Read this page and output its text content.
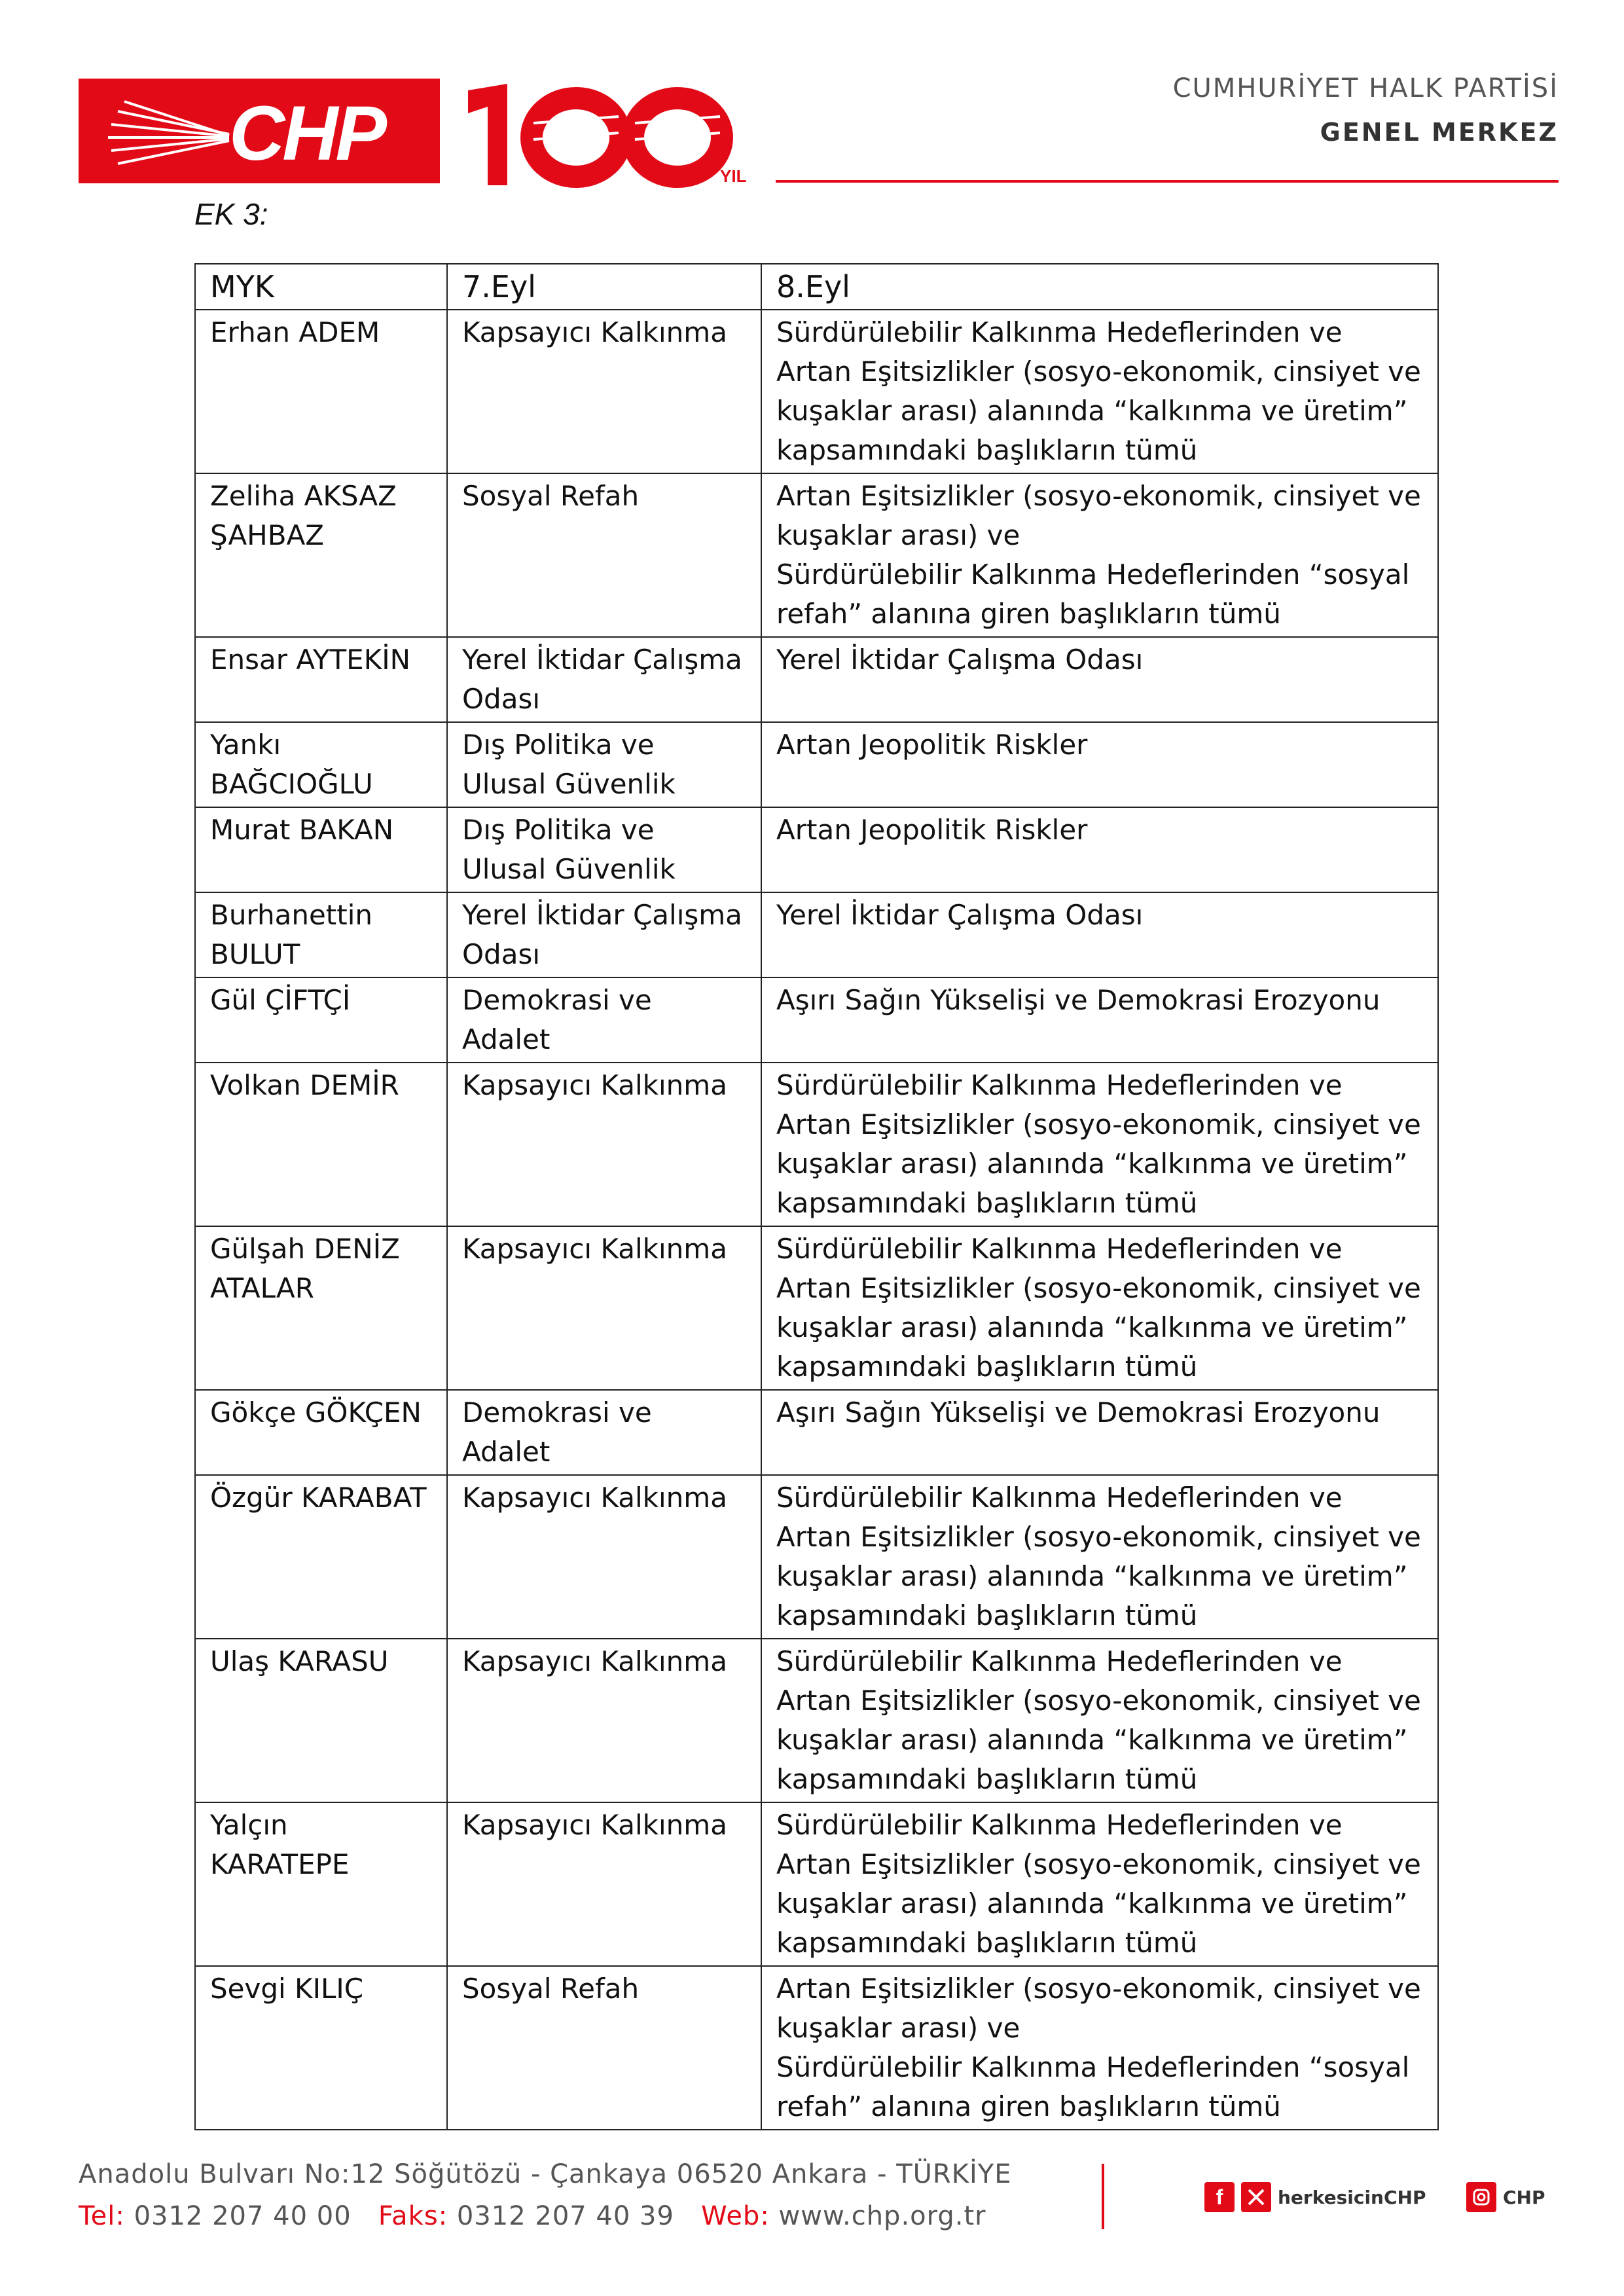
CHP	YIL
CUMHURİYET HALK PARTİSİ
GENEL MERKEZ
EK 3:
MYK	7.Eyl	8.Eyl
Erhan ADEM	Kapsayıcı Kalkınma	Sürdürülebilir Kalkınma Hedeflerinden ve
Artan Eşitsizlikler (sosyo-ekonomik, cinsiyet ve kuşaklar arası) alanında “kalkınma ve üretim” kapsamındaki başlıkların tümü
Zeliha AKSAZ ŞAHBAZ	Sosyal Refah	Artan Eşitsizlikler (sosyo-ekonomik, cinsiyet ve kuşaklar arası) ve
Sürdürülebilir Kalkınma Hedeflerinden “sosyal refah” alanına giren başlıkların tümü
Ensar AYTEKİN	Yerel İktidar Çalışma Odası	Yerel İktidar Çalışma Odası
Yankı BAĞCIOĞLU	Dış Politika ve Ulusal Güvenlik	Artan Jeopolitik Riskler
Murat BAKAN	Dış Politika ve Ulusal Güvenlik	Artan Jeopolitik Riskler
Burhanettin BULUT	Yerel İktidar Çalışma Odası	Yerel İktidar Çalışma Odası
Gül ÇİFTÇİ	Demokrasi ve Adalet	Aşırı Sağın Yükselişi ve Demokrasi Erozyonu
Volkan DEMİR	Kapsayıcı Kalkınma	Sürdürülebilir Kalkınma Hedeflerinden ve
Artan Eşitsizlikler (sosyo-ekonomik, cinsiyet ve kuşaklar arası) alanında “kalkınma ve üretim” kapsamındaki başlıkların tümü
Gülşah DENİZ ATALAR	Kapsayıcı Kalkınma	Sürdürülebilir Kalkınma Hedeflerinden ve
Artan Eşitsizlikler (sosyo-ekonomik, cinsiyet ve kuşaklar arası) alanında “kalkınma ve üretim” kapsamındaki başlıkların tümü
Gökçe GÖKÇEN	Demokrasi ve Adalet	Aşırı Sağın Yükselişi ve Demokrasi Erozyonu
Özgür KARABAT	Kapsayıcı Kalkınma	Sürdürülebilir Kalkınma Hedeflerinden ve
Artan Eşitsizlikler (sosyo-ekonomik, cinsiyet ve kuşaklar arası) alanında “kalkınma ve üretim” kapsamındaki başlıkların tümü
Ulaş KARASU	Kapsayıcı Kalkınma	Sürdürülebilir Kalkınma Hedeflerinden ve
Artan Eşitsizlikler (sosyo-ekonomik, cinsiyet ve kuşaklar arası) alanında “kalkınma ve üretim” kapsamındaki başlıkların tümü
Yalçın KARATEPE	Kapsayıcı Kalkınma	Sürdürülebilir Kalkınma Hedeflerinden ve
Artan Eşitsizlikler (sosyo-ekonomik, cinsiyet ve kuşaklar arası) alanında “kalkınma ve üretim” kapsamındaki başlıkların tümü
Sevgi KILIÇ	Sosyal Refah	Artan Eşitsizlikler (sosyo-ekonomik, cinsiyet ve kuşaklar arası) ve
Sürdürülebilir Kalkınma Hedeflerinden “sosyal refah” alanına giren başlıkların tümü
Anadolu Bulvarı No:12 Söğütözü - Çankaya 06520 Ankara - TÜRKİYE
Tel: 0312 207 40 00 Faks: 0312 207 40 39 Web: www.chp.org.tr
f	herkesicinCHP	CHP
